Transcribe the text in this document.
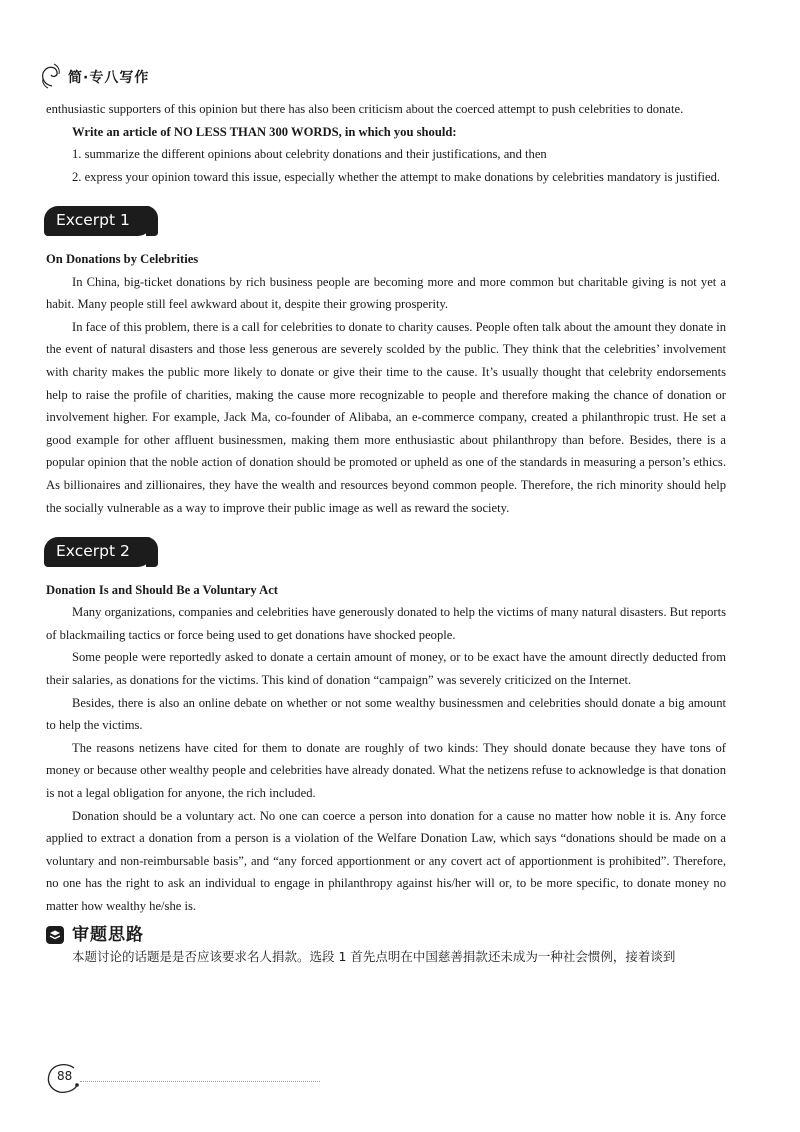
简·专八写作

enthusiastic supporters of this opinion but there has also been criticism about the coerced attempt to push celebrities to donate.

Write an article of NO LESS THAN 300 WORDS, in which you should:

1. summarize the different opinions about celebrity donations and their justifications, and then

2. express your opinion toward this issue, especially whether the attempt to make donations by celebrities mandatory is justified.

Excerpt 1

On Donations by Celebrities

In China, big-ticket donations by rich business people are becoming more and more common but charitable giving is not yet a habit. Many people still feel awkward about it, despite their growing prosperity.

In face of this problem, there is a call for celebrities to donate to charity causes. People often talk about the amount they donate in the event of natural disasters and those less generous are severely scolded by the public. They think that the celebrities’ involvement with charity makes the public more likely to donate or give their time to the cause. It’s usually thought that celebrity endorsements help to raise the profile of charities, making the cause more recognizable to people and therefore making the chance of donation or involvement higher. For example, Jack Ma, co-founder of Alibaba, an e-commerce company, created a philanthropic trust. He set a good example for other affluent businessmen, making them more enthusiastic about philanthropy than before. Besides, there is a popular opinion that the noble action of donation should be promoted or upheld as one of the standards in measuring a person’s ethics. As billionaires and zillionaires, they have the wealth and resources beyond common people. Therefore, the rich minority should help the socially vulnerable as a way to improve their public image as well as reward the society.

Excerpt 2

Donation Is and Should Be a Voluntary Act

Many organizations, companies and celebrities have generously donated to help the victims of many natural disasters. But reports of blackmailing tactics or force being used to get donations have shocked people.

Some people were reportedly asked to donate a certain amount of money, or to be exact have the amount directly deducted from their salaries, as donations for the victims. This kind of donation “campaign” was severely criticized on the Internet.

Besides, there is also an online debate on whether or not some wealthy businessmen and celebrities should donate a big amount to help the victims.

The reasons netizens have cited for them to donate are roughly of two kinds: They should donate because they have tons of money or because other wealthy people and celebrities have already donated. What the netizens refuse to acknowledge is that donation is not a legal obligation for anyone, the rich included.

Donation should be a voluntary act. No one can coerce a person into donation for a cause no matter how noble it is. Any force applied to extract a donation from a person is a violation of the Welfare Donation Law, which says “donations should be made on a voluntary and non-reimbursable basis”, and “any forced apportionment or any covert act of apportionment is prohibited”. Therefore, no one has the right to ask an individual to engage in philanthropy against his/her will or, to be more specific, to donate money no matter how wealthy he/she is.

审题思路

本题讨论的话题是是否应该要求名人捐款。选段 1 首先点明在中国慈善捐款还未成为一种社会惯例，接着谈到

88
